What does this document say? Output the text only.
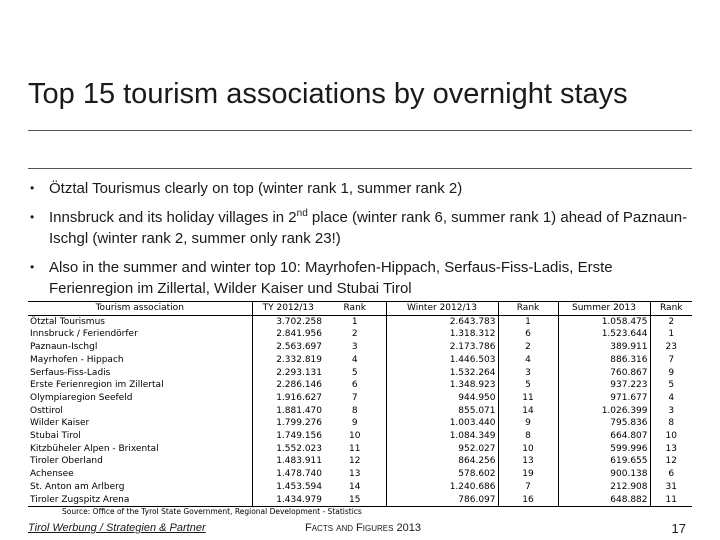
Top 15 tourism associations by overnight stays
• Ötztal Tourismus clearly on top (winter rank 1, summer rank 2)
• Innsbruck and its holiday villages in 2nd place (winter rank 6, summer rank 1) ahead of Paznaun-Ischgl (winter rank 2, summer only rank 23!)
• Also in the summer and winter top 10: Mayrhofen-Hippach, Serfaus-Fiss-Ladis, Erste Ferienregion im Zillertal, Wilder Kaiser und Stubai Tirol
Tourism association	TY 2012/13	Rank	Winter 2012/13	Rank	Summer 2013	Rank
Ötztal Tourismus	3.702.258	1	2.643.783	1	1.058.475	2
Innsbruck / Feriendörfer	2.841.956	2	1.318.312	6	1.523.644	1
Paznaun-Ischgl	2.563.697	3	2.173.786	2	389.911	23
Mayrhofen - Hippach	2.332.819	4	1.446.503	4	886.316	7
Serfaus-Fiss-Ladis	2.293.131	5	1.532.264	3	760.867	9
Erste Ferienregion im Zillertal	2.286.146	6	1.348.923	5	937.223	5
Olympiaregion Seefeld	1.916.627	7	944.950	11	971.677	4
Osttirol	1.881.470	8	855.071	14	1.026.399	3
Wilder Kaiser	1.799.276	9	1.003.440	9	795.836	8
Stubai Tirol	1.749.156	10	1.084.349	8	664.807	10
Kitzbüheler Alpen - Brixental	1.552.023	11	952.027	10	599.996	13
Tiroler Oberland	1.483.911	12	864.256	13	619.655	12
Achensee	1.478.740	13	578.602	19	900.138	6
St. Anton am Arlberg	1.453.594	14	1.240.686	7	212.908	31
Tiroler Zugspitz Arena	1.434.979	15	786.097	16	648.882	11
Source: Office of the Tyrol State Government, Regional Development - Statistics
Tirol Werbung / Strategien & Partner	Facts and Figures 2013	17
